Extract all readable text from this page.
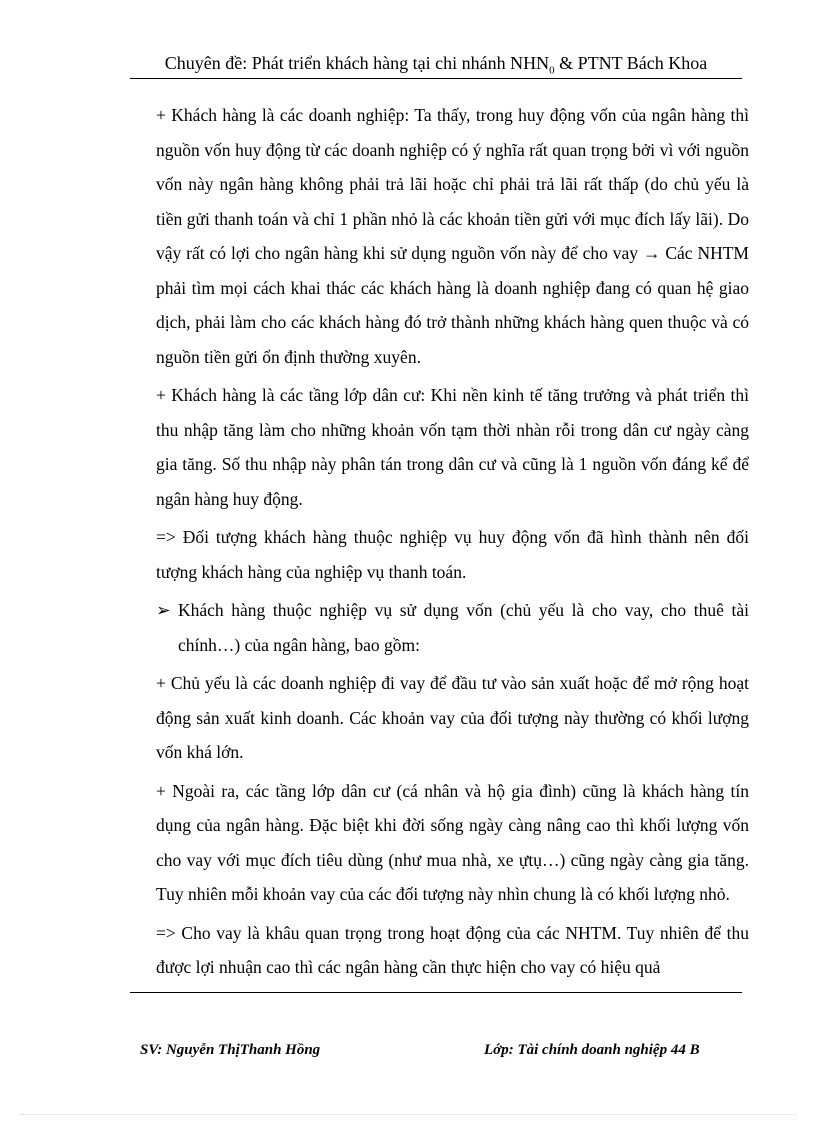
Chuyên đề: Phát triển khách hàng tại chi nhánh $NHN_0$ & PTNT Bách Khoa

+ Khách hàng là các doanh nghiệp: Ta thấy, trong huy động vốn của ngân hàng thì nguồn vốn huy động từ các doanh nghiệp có ý nghĩa rất quan trọng bởi vì với nguồn vốn này ngân hàng không phải trả lãi hoặc chỉ phải trả lãi rất thấp (do chủ yếu là tiền gửi thanh toán và chỉ 1 phần nhỏ là các khoản tiền gửi với mục đích lấy lãi). Do vậy rất có lợi cho ngân hàng khi sử dụng nguồn vốn này để cho vay → Các NHTM phải tìm mọi cách khai thác các khách hàng là doanh nghiệp đang có quan hệ giao dịch, phải làm cho các khách hàng đó trở thành những khách hàng quen thuộc và có nguồn tiền gửi ổn định thường xuyên.

+ Khách hàng là các tầng lớp dân cư: Khi nền kinh tế tăng trưởng và phát triển thì thu nhập tăng làm cho những khoản vốn tạm thời nhàn rỗi trong dân cư ngày càng gia tăng. Số thu nhập này phân tán trong dân cư và cũng là 1 nguồn vốn đáng kể để ngân hàng huy động.

=> Đối tượng khách hàng thuộc nghiệp vụ huy động vốn đã hình thành nên đối tượng khách hàng của nghiệp vụ thanh toán.

➢ Khách hàng thuộc nghiệp vụ sử dụng vốn (chủ yếu là cho vay, cho thuê tài chính…) của ngân hàng, bao gồm:

+ Chủ yếu là các doanh nghiệp đi vay để đầu tư vào sản xuất hoặc để mở rộng hoạt động sản xuất kinh doanh. Các khoản vay của đối tượng này thường có khối lượng vốn khá lớn.

+ Ngoài ra, các tầng lớp dân cư (cá nhân và hộ gia đình) cũng là khách hàng tín dụng của ngân hàng. Đặc biệt khi đời sống ngày càng nâng cao thì khối lượng vốn cho vay với mục đích tiêu dùng (như mua nhà, xe ựtụ…) cũng ngày càng gia tăng. Tuy nhiên mỗi khoản vay của các đối tượng này nhìn chung là có khối lượng nhỏ.

=> Cho vay là khâu quan trọng trong hoạt động của các NHTM. Tuy nhiên để thu được lợi nhuận cao thì các ngân hàng cần thực hiện cho vay có hiệu quả

SV: Nguyễn ThịThanh Hồng	Lớp: Tài chính doanh nghiệp 44 B
